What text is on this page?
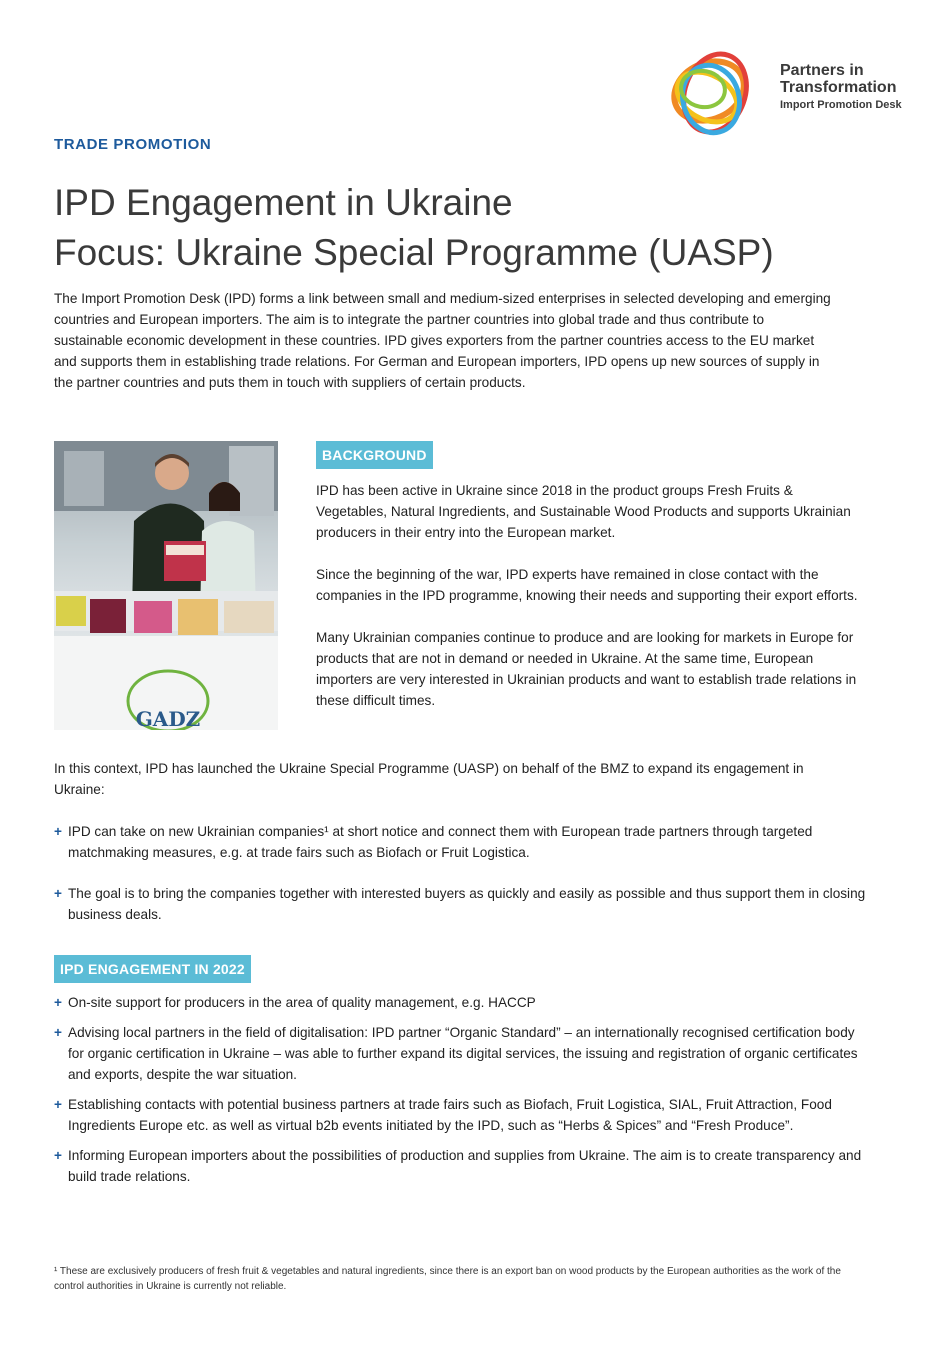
Partners in
Transformation
Import Promotion Desk
TRADE PROMOTION
IPD Engagement in Ukraine
Focus: Ukraine Special Programme (UASP)
The Import Promotion Desk (IPD) forms a link between small and medium-sized enterprises in selected developing and emerging countries and European importers. The aim is to integrate the partner countries into global trade and thus contribute to sustainable economic development in these countries. IPD gives exporters from the partner countries access to the EU market and supports them in establishing trade relations. For German and European importers, IPD opens up new sources of supply in the partner countries and puts them in touch with suppliers of certain products.
GADZ
BACKGROUND

IPD has been active in Ukraine since 2018 in the product groups Fresh Fruits & Vegetables, Natural Ingredients, and Sustainable Wood Products and supports Ukrainian producers in their entry into the European market.

Since the beginning of the war, IPD experts have remained in close contact with the companies in the IPD programme, knowing their needs and supporting their export efforts.

Many Ukrainian companies continue to produce and are looking for markets in Europe for products that are not in demand or needed in Ukraine. At the same time, European importers are very interested in Ukrainian products and want to establish trade relations in these difficult times.

In this context, IPD has launched the Ukraine Special Programme (UASP) on behalf of the BMZ to expand its engagement in Ukraine:
+ IPD can take on new Ukrainian companies¹ at short notice and connect them with European trade partners through targeted matchmaking measures, e.g. at trade fairs such as Biofach or Fruit Logistica.
+ The goal is to bring the companies together with interested buyers as quickly and easily as possible and thus support them in closing business deals.
IPD ENGAGEMENT IN 2022
+ On-site support for producers in the area of quality management, e.g. HACCP
+ Advising local partners in the field of digitalisation: IPD partner “Organic Standard” – an internationally recognised certification body for organic certification in Ukraine – was able to further expand its digital services, the issuing and registration of organic certificates and exports, despite the war situation.
+ Establishing contacts with potential business partners at trade fairs such as Biofach, Fruit Logistica, SIAL, Fruit Attraction, Food Ingredients Europe etc. as well as virtual b2b events initiated by the IPD, such as “Herbs & Spices” and “Fresh Produce”.
+ Informing European importers about the possibilities of production and supplies from Ukraine. The aim is to create transparency and build trade relations.
¹ These are exclusively producers of fresh fruit & vegetables and natural ingredients, since there is an export ban on wood products by the European authorities as the work of the control authorities in Ukraine is currently not reliable.
